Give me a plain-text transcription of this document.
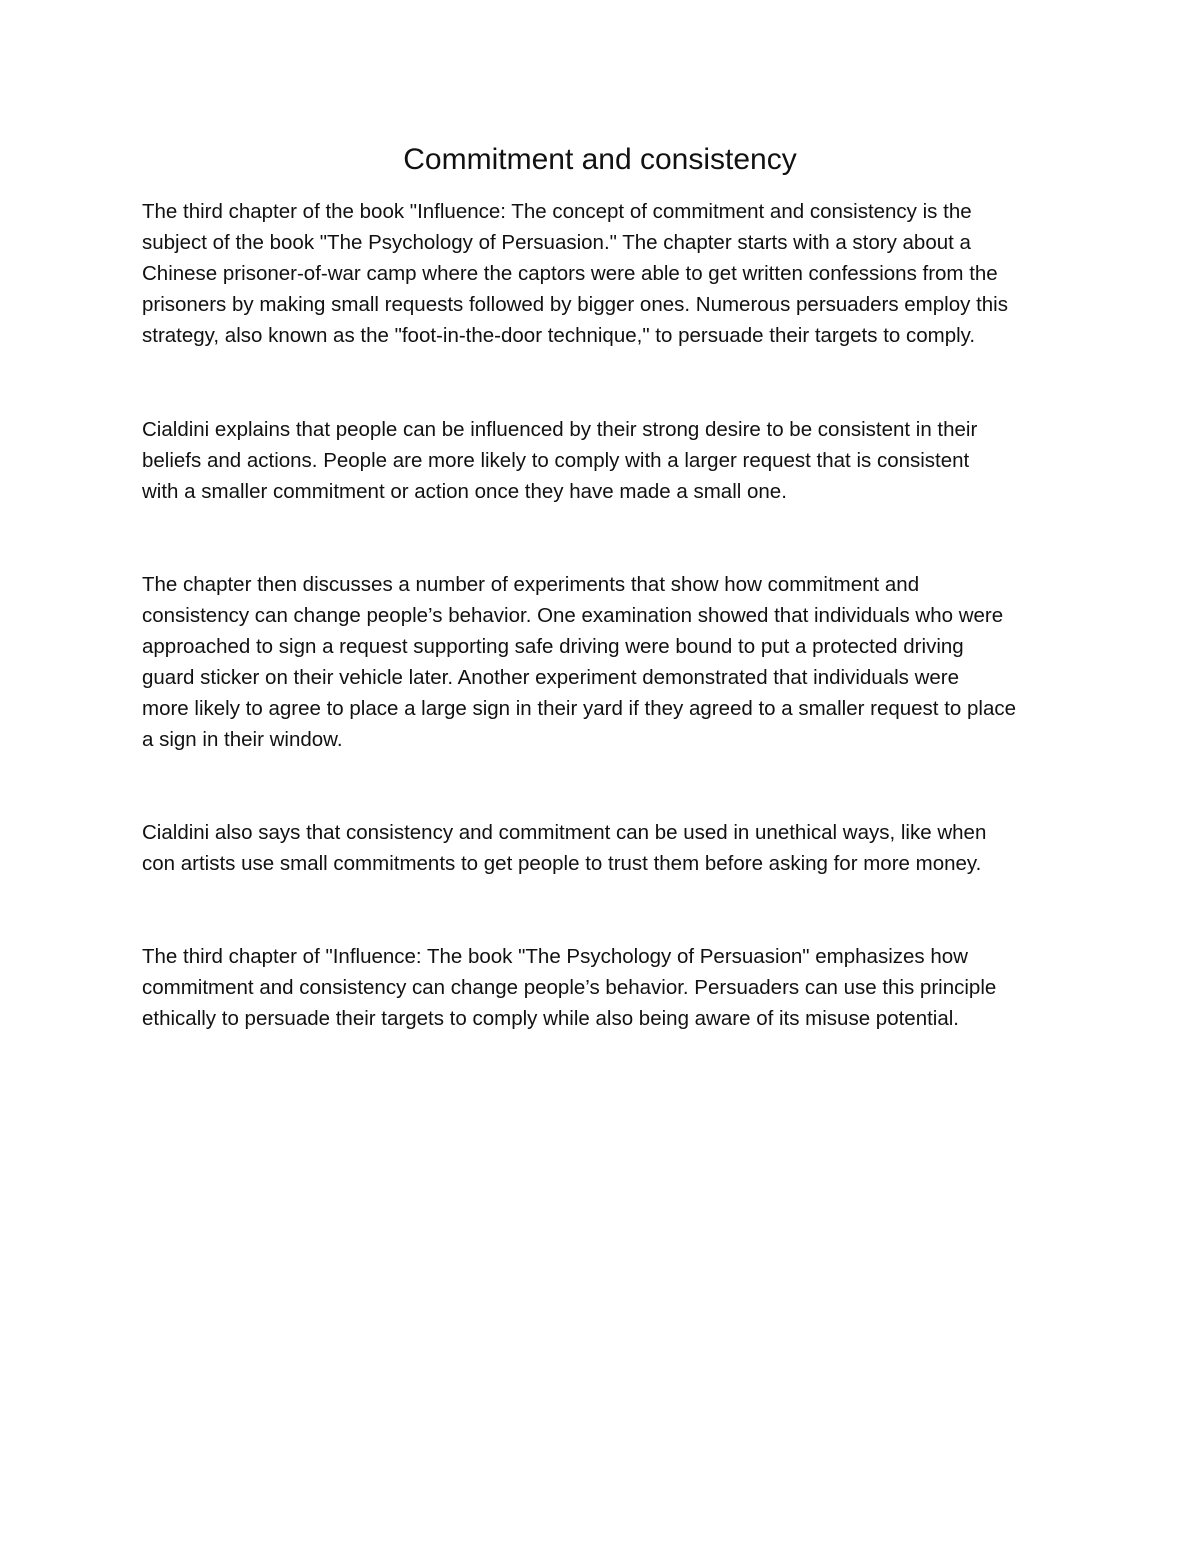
Commitment and consistency
The third chapter of the book "Influence: The concept of commitment and consistency is the
subject of the book "The Psychology of Persuasion." The chapter starts with a story about a
Chinese prisoner-of-war camp where the captors were able to get written confessions from the
prisoners by making small requests followed by bigger ones. Numerous persuaders employ this
strategy, also known as the "foot-in-the-door technique," to persuade their targets to comply.
Cialdini explains that people can be influenced by their strong desire to be consistent in their
beliefs and actions. People are more likely to comply with a larger request that is consistent
with a smaller commitment or action once they have made a small one.
The chapter then discusses a number of experiments that show how commitment and
consistency can change people’s behavior. One examination showed that individuals who were
approached to sign a request supporting safe driving were bound to put a protected driving
guard sticker on their vehicle later. Another experiment demonstrated that individuals were
more likely to agree to place a large sign in their yard if they agreed to a smaller request to place
a sign in their window.
Cialdini also says that consistency and commitment can be used in unethical ways, like when
con artists use small commitments to get people to trust them before asking for more money.
The third chapter of "Influence: The book "The Psychology of Persuasion" emphasizes how
commitment and consistency can change people’s behavior. Persuaders can use this principle
ethically to persuade their targets to comply while also being aware of its misuse potential.
